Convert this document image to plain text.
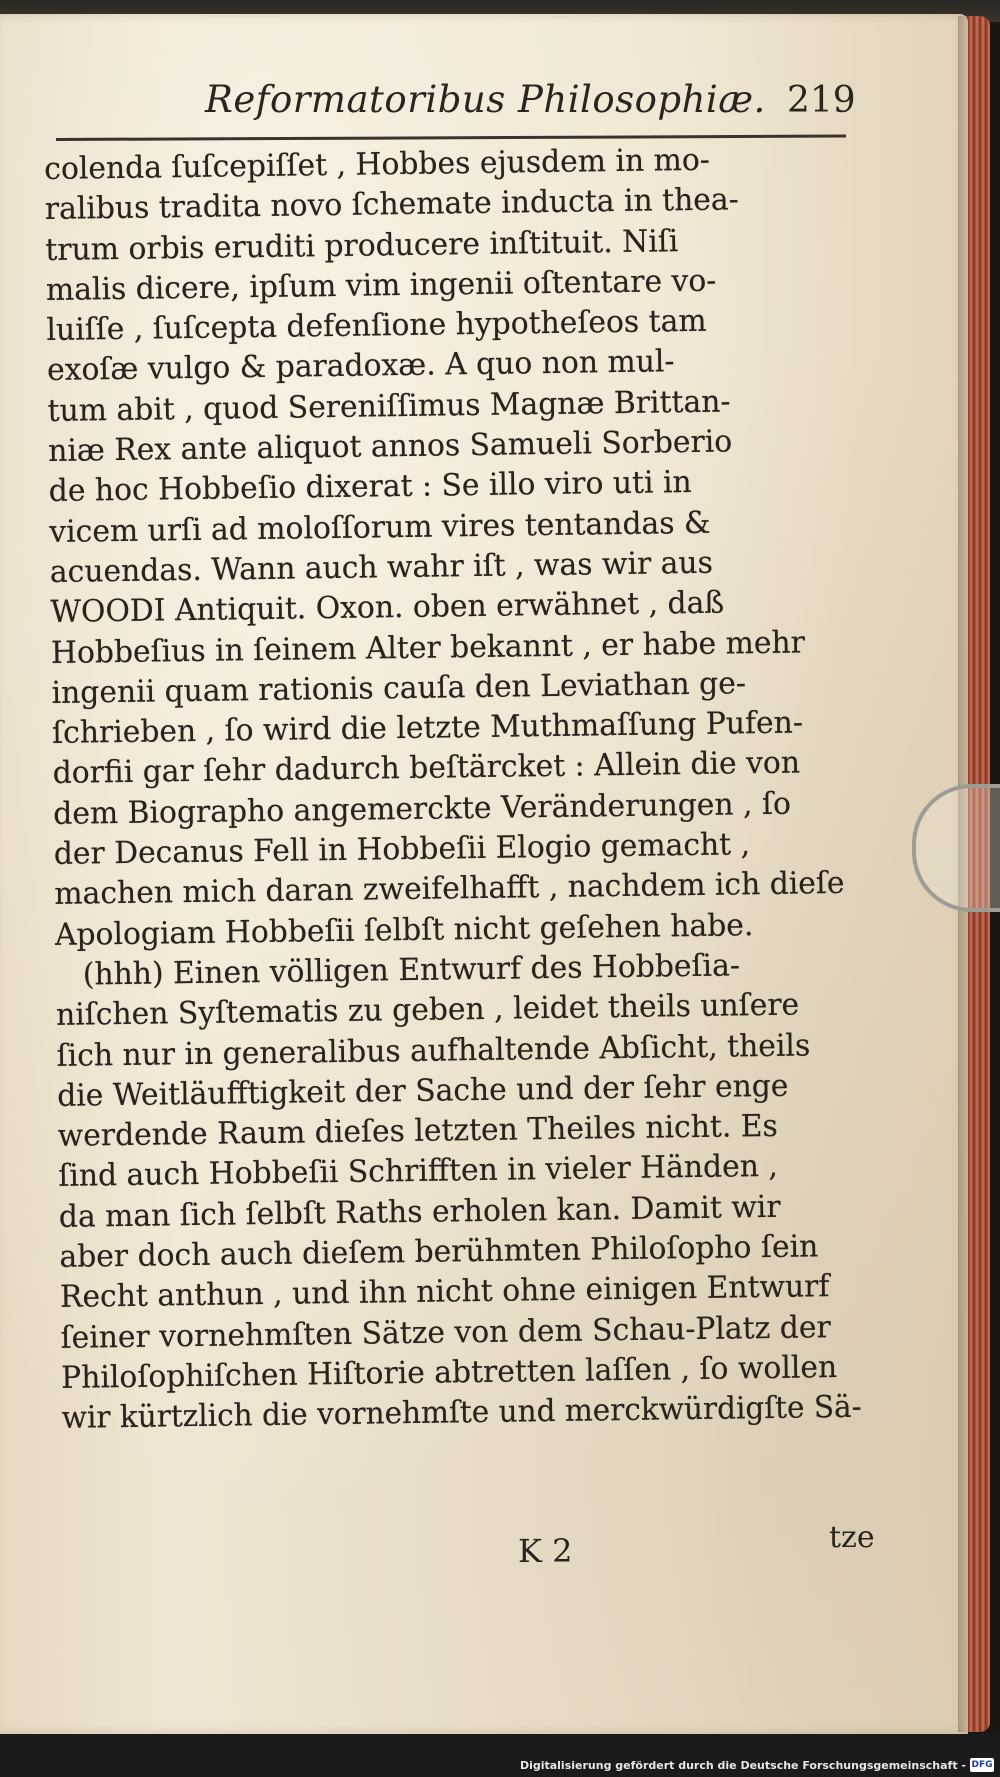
Reformatoribus Philosophiæ. 219
colenda ſuſcepiſſet , Hobbes ejusdem in mo-
ralibus tradita novo ſchemate inducta in thea-
trum orbis eruditi producere inſtituit. Niſi
malis dicere, ipſum vim ingenii oſtentare vo-
luiſſe , ſuſcepta defenſione hypotheſeos tam
exoſæ vulgo & paradoxæ. A quo non mul-
tum abit , quod Sereniſſimus Magnæ Brittan-
niæ Rex ante aliquot annos Samueli Sorberio
de hoc Hobbeſio dixerat : Se illo viro uti in
vicem urſi ad moloſſorum vires tentandas &
acuendas. Wann auch wahr iſt , was wir aus
WOODI Antiquit. Oxon. oben erwähnet , daß
Hobbeſius in ſeinem Alter bekannt , er habe mehr
ingenii quam rationis cauſa den Leviathan ge-
ſchrieben , ſo wird die letzte Muthmaſſung Pufen-
dorfii gar ſehr dadurch beſtärcket : Allein die von
dem Biographo angemerckte Veränderungen , ſo
der Decanus Fell in Hobbeſii Elogio gemacht ,
machen mich daran zweifelhafft , nachdem ich dieſe
Apologiam Hobbeſii ſelbſt nicht geſehen habe.
(hhh) Einen völligen Entwurf des Hobbeſia-
niſchen Syſtematis zu geben , leidet theils unſere
ſich nur in generalibus aufhaltende Abſicht, theils
die Weitläufftigkeit der Sache und der ſehr enge
werdende Raum dieſes letzten Theiles nicht. Es
ſind auch Hobbeſii Schrifften in vieler Händen ,
da man ſich ſelbſt Raths erholen kan. Damit wir
aber doch auch dieſem berühmten Philoſopho ſein
Recht anthun , und ihn nicht ohne einigen Entwurf
ſeiner vornehmſten Sätze von dem Schau-Platz der
Philoſophiſchen Hiſtorie abtretten laſſen , ſo wollen
wir kürtzlich die vornehmſte und merckwürdigſte Sä-
K 2	tze
Digitalisierung gefördert durch die Deutsche Forschungsgemeinschaft - DFG
